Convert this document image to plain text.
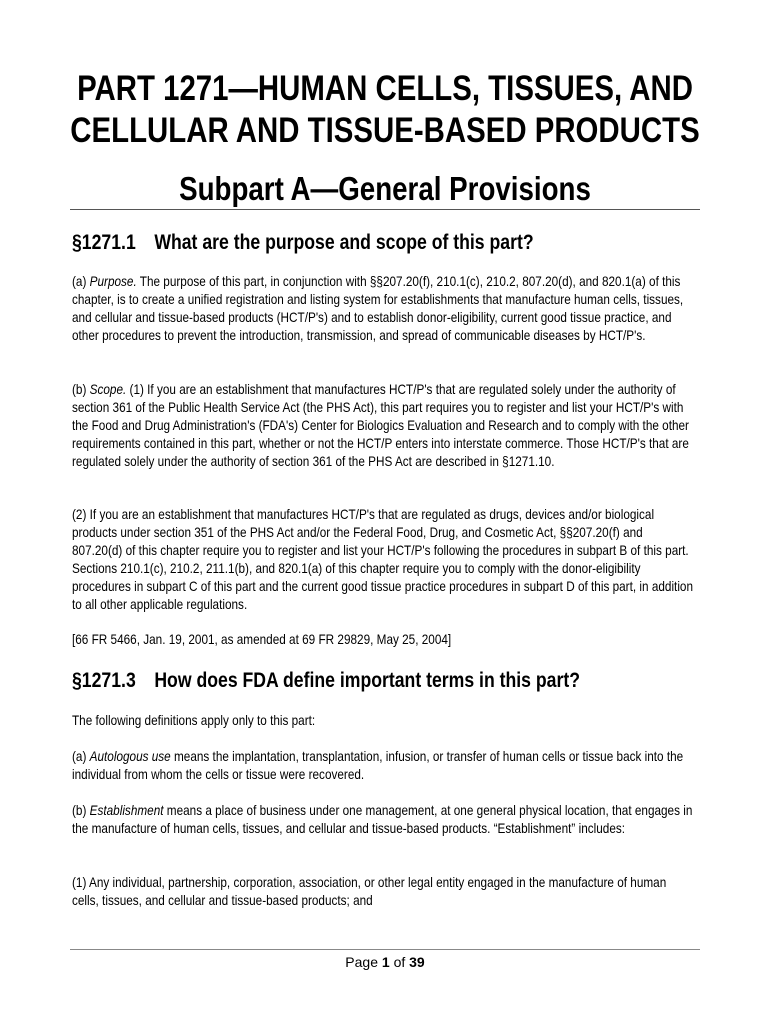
PART 1271—HUMAN CELLS, TISSUES, AND
CELLULAR AND TISSUE-BASED PRODUCTS
Subpart A—General Provisions
§1271.1 What are the purpose and scope of this part?

(a) Purpose. The purpose of this part, in conjunction with §§207.20(f), 210.1(c), 210.2, 807.20(d), and 820.1(a) of this chapter, is to create a unified registration and listing system for establishments that manufacture human cells, tissues, and cellular and tissue-based products (HCT/P's) and to establish donor-eligibility, current good tissue practice, and other procedures to prevent the introduction, transmission, and spread of communicable diseases by HCT/P's.

(b) Scope. (1) If you are an establishment that manufactures HCT/P's that are regulated solely under the authority of section 361 of the Public Health Service Act (the PHS Act), this part requires you to register and list your HCT/P's with the Food and Drug Administration's (FDA's) Center for Biologics Evaluation and Research and to comply with the other requirements contained in this part, whether or not the HCT/P enters into interstate commerce. Those HCT/P's that are regulated solely under the authority of section 361 of the PHS Act are described in §1271.10.

(2) If you are an establishment that manufactures HCT/P's that are regulated as drugs, devices and/or biological products under section 351 of the PHS Act and/or the Federal Food, Drug, and Cosmetic Act, §§207.20(f) and 807.20(d) of this chapter require you to register and list your HCT/P's following the procedures in subpart B of this part. Sections 210.1(c), 210.2, 211.1(b), and 820.1(a) of this chapter require you to comply with the donor-eligibility procedures in subpart C of this part and the current good tissue practice procedures in subpart D of this part, in addition to all other applicable regulations.

[66 FR 5466, Jan. 19, 2001, as amended at 69 FR 29829, May 25, 2004]

§1271.3 How does FDA define important terms in this part?

The following definitions apply only to this part:

(a) Autologous use means the implantation, transplantation, infusion, or transfer of human cells or tissue back into the individual from whom the cells or tissue were recovered.

(b) Establishment means a place of business under one management, at one general physical location, that engages in the manufacture of human cells, tissues, and cellular and tissue-based products. “Establishment” includes:

(1) Any individual, partnership, corporation, association, or other legal entity engaged in the manufacture of human cells, tissues, and cellular and tissue-based products; and

Page 1 of 39
